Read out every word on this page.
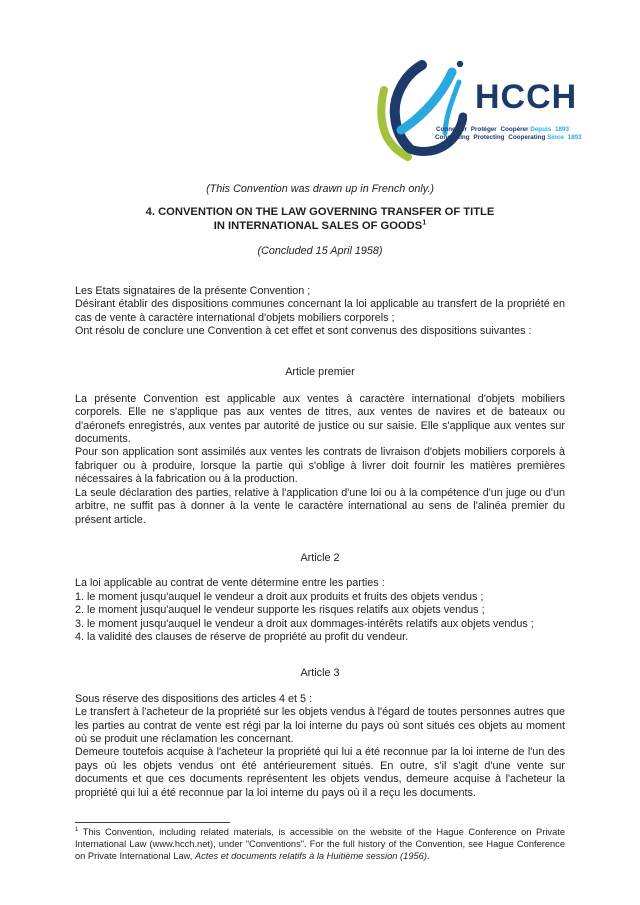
HCCH
Connecter Protéger Coopérer Depuis 1893
Connecting Protecting Cooperating Since 1893
(This Convention was drawn up in French only.)
4. CONVENTION ON THE LAW GOVERNING TRANSFER OF TITLE
IN INTERNATIONAL SALES OF GOODS$^1$
(Concluded 15 April 1958)
Les Etats signataires de la présente Convention ;
Désirant établir des dispositions communes concernant la loi applicable au transfert de la propriété en cas de vente à caractère international d'objets mobiliers corporels ;
Ont résolu de conclure une Convention à cet effet et sont convenus des dispositions suivantes :
Article premier
La présente Convention est applicable aux ventes à caractère international d'objets mobiliers corporels. Elle ne s'applique pas aux ventes de titres, aux ventes de navires et de bateaux ou d'aéronefs enregistrés, aux ventes par autorité de justice ou sur saisie. Elle s'applique aux ventes sur documents.
Pour son application sont assimilés aux ventes les contrats de livraison d'objets mobiliers corporels à fabriquer ou à produire, lorsque la partie qui s'oblige à livrer doit fournir les matières premières nécessaires à la fabrication ou à la production.
La seule déclaration des parties, relative à l'application d'une loi ou à la compétence d'un juge ou d'un arbitre, ne suffit pas à donner à la vente le caractère international au sens de l'alinéa premier du présent article.
Article 2
La loi applicable au contrat de vente détermine entre les parties :
1. le moment jusqu'auquel le vendeur a droit aux produits et fruits des objets vendus ;
2. le moment jusqu'auquel le vendeur supporte les risques relatifs aux objets vendus ;
3. le moment jusqu'auquel le vendeur a droit aux dommages-intérêts relatifs aux objets vendus ;
4. la validité des clauses de réserve de propriété au profit du vendeur.
Article 3
Sous réserve des dispositions des articles 4 et 5 :
Le transfert à l'acheteur de la propriété sur les objets vendus à l'égard de toutes personnes autres que les parties au contrat de vente est régi par la loi interne du pays où sont situés ces objets au moment où se produit une réclamation les concernant.
Demeure toutefois acquise à l'acheteur la propriété qui lui a été reconnue par la loi interne de l'un des pays où les objets vendus ont été antérieurement situés. En outre, s'il s'agit d'une vente sur documents et que ces documents représentent les objets vendus, demeure acquise à l'acheteur la propriété qui lui a été reconnue par la loi interne du pays où il a reçu les documents.
$^1$ This Convention, including related materials, is accessible on the website of the Hague Conference on Private International Law (www.hcch.net), under "Conventions". For the full history of the Convention, see Hague Conference on Private International Law, Actes et documents relatifs à la Huitième session (1956).
